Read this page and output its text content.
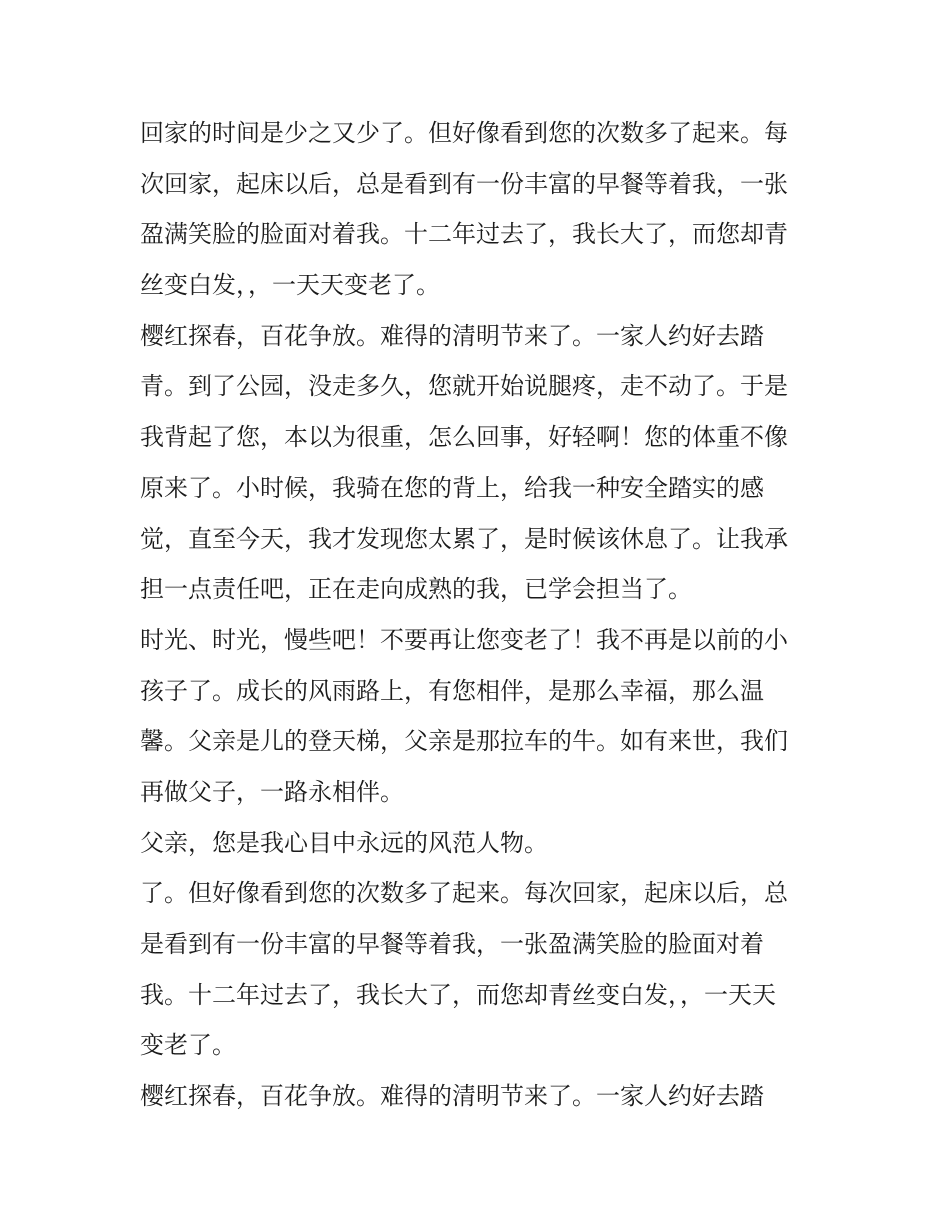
回家的时间是少之又少了。但好像看到您的次数多了起来。每
次回家，起床以后，总是看到有一份丰富的早餐等着我，一张
盈满笑脸的脸面对着我。十二年过去了，我长大了，而您却青
丝变白发，，一天天变老了。
樱红探春，百花争放。难得的清明节来了。一家人约好去踏
青。到了公园，没走多久，您就开始说腿疼，走不动了。于是
我背起了您，本以为很重，怎么回事，好轻啊！您的体重不像
原来了。小时候，我骑在您的背上，给我一种安全踏实的感
觉，直至今天，我才发现您太累了，是时候该休息了。让我承
担一点责任吧，正在走向成熟的我，已学会担当了。
时光、时光，慢些吧！不要再让您变老了！我不再是以前的小
孩子了。成长的风雨路上，有您相伴，是那么幸福，那么温
馨。父亲是儿的登天梯，父亲是那拉车的牛。如有来世，我们
再做父子，一路永相伴。
父亲，您是我心目中永远的风范人物。
了。但好像看到您的次数多了起来。每次回家，起床以后，总
是看到有一份丰富的早餐等着我，一张盈满笑脸的脸面对着
我。十二年过去了，我长大了，而您却青丝变白发，，一天天
变老了。
樱红探春，百花争放。难得的清明节来了。一家人约好去踏
